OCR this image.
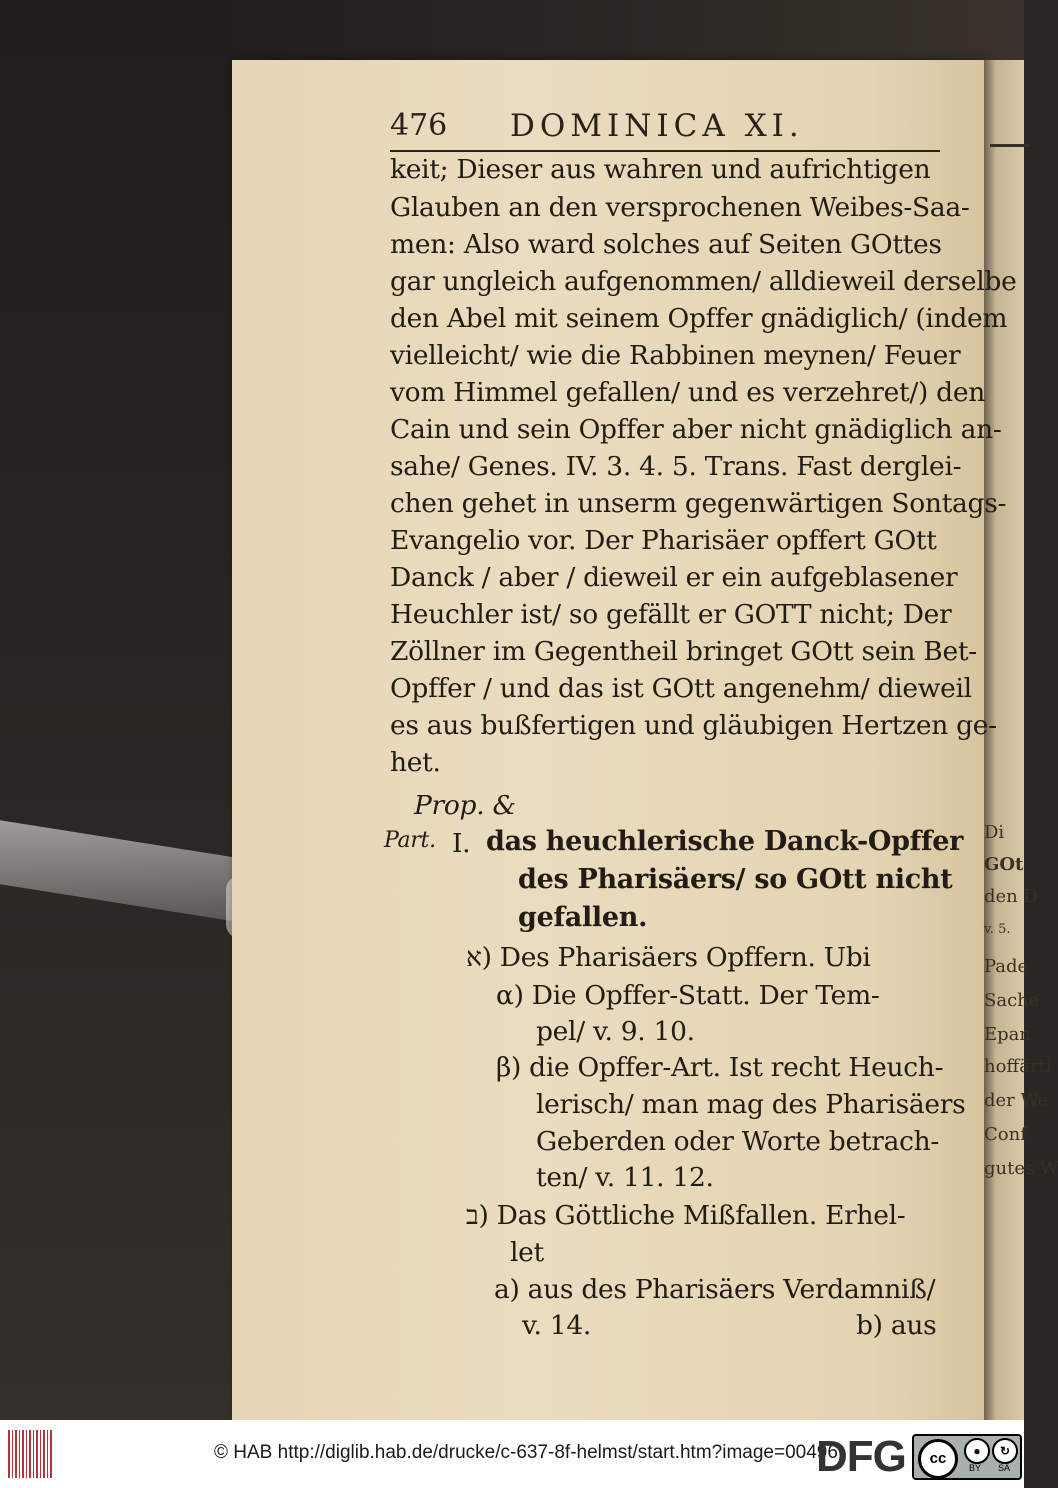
Di
GOt
den D
v. 5.
Pade
Sache
Epan
hoffärti
der We
Conf
gutes W
476 DOMINICA XI.
keit; Dieser aus wahren und aufrichtigen
Glauben an den versprochenen Weibes-Saa-
men: Also ward solches auf Seiten GOttes
gar ungleich aufgenommen/ alldieweil derselbe
den Abel mit seinem Opffer gnädiglich/ (indem
vielleicht/ wie die Rabbinen meynen/ Feuer
vom Himmel gefallen/ und es verzehret/) den
Cain und sein Opffer aber nicht gnädiglich an-
sahe/ Genes. IV. 3. 4. 5. Trans. Fast derglei-
chen gehet in unserm gegenwärtigen Sontags-
Evangelio vor. Der Pharisäer opffert GOtt
Danck / aber / dieweil er ein aufgeblasener
Heuchler ist/ so gefällt er GOTT nicht; Der
Zöllner im Gegentheil bringet GOtt sein Bet-
Opffer / und das ist GOtt angenehm/ dieweil
es aus bußfertigen und gläubigen Hertzen ge-
het.
Prop. &
Part. I. das heuchlerische Danck-Opffer
des Pharisäers/ so GOtt nicht
gefallen.
א) Des Pharisäers Opffern. Ubi
α) Die Opffer-Statt. Der Tem-
pel/ v. 9. 10.
β) die Opffer-Art. Ist recht Heuch-
lerisch/ man mag des Pharisäers
Geberden oder Worte betrach-
ten/ v. 11. 12.
ב) Das Göttliche Mißfallen. Erhel-
let
a) aus des Pharisäers Verdamniß/
v. 14.	b) aus
© HAB http://diglib.hab.de/drucke/c-637-8f-helmst/start.htm?image=00496
DFG	cc	●	↻
BY SA
